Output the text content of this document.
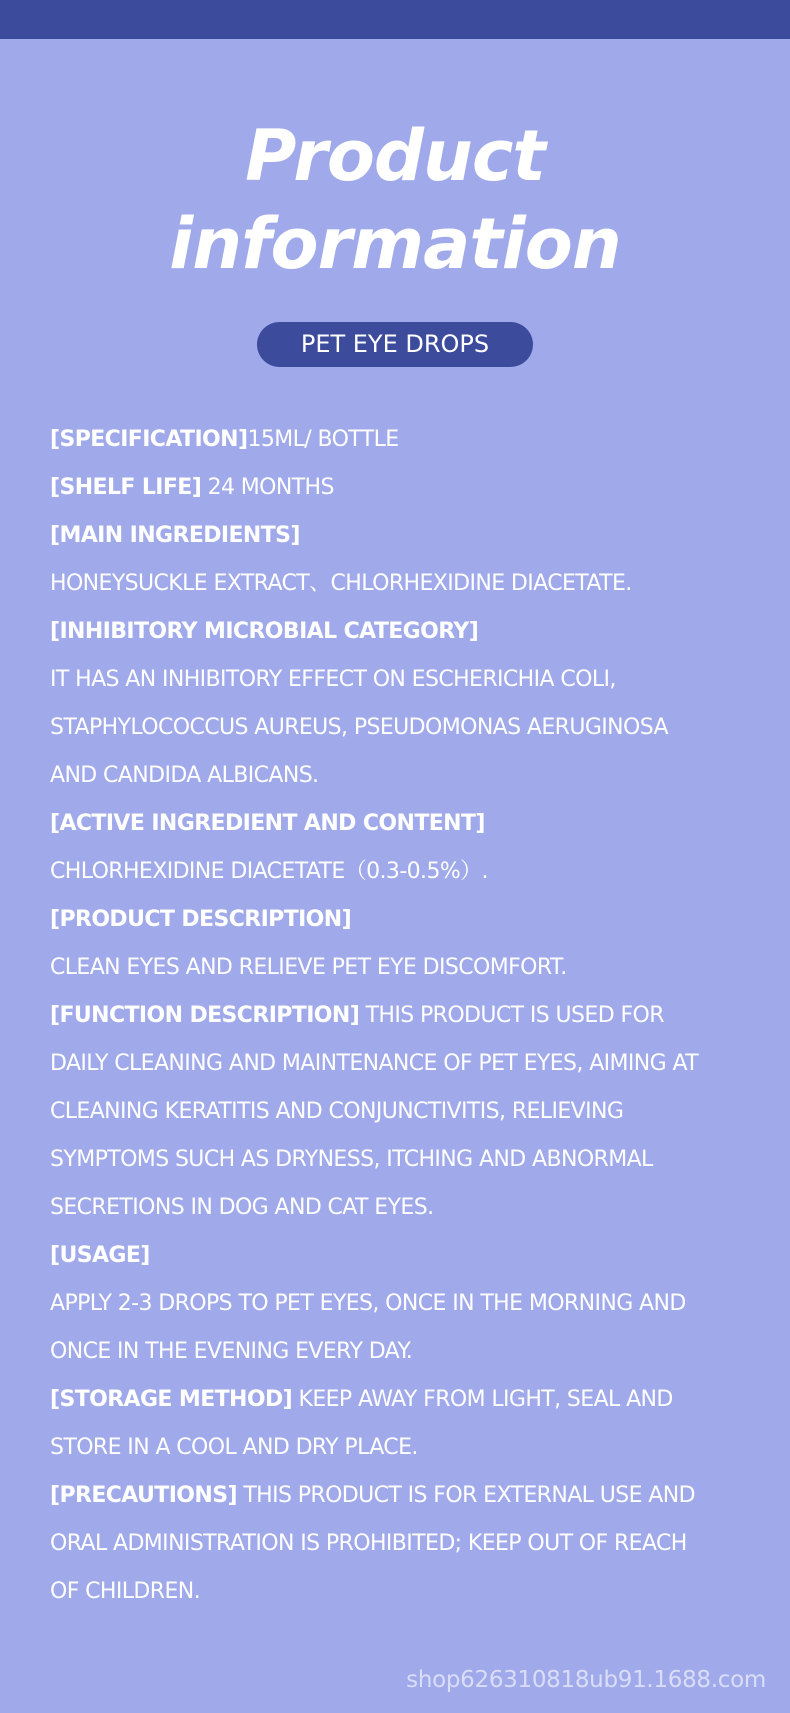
Product
information
PET EYE DROPS
[SPECIFICATION]15ML/ BOTTLE
[SHELF LIFE] 24 MONTHS
[MAIN INGREDIENTS]
HONEYSUCKLE EXTRACT、CHLORHEXIDINE DIACETATE.
[INHIBITORY MICROBIAL CATEGORY]
IT HAS AN INHIBITORY EFFECT ON ESCHERICHIA COLI,
STAPHYLOCOCCUS AUREUS, PSEUDOMONAS AERUGINOSA
AND CANDIDA ALBICANS.
[ACTIVE INGREDIENT AND CONTENT]
CHLORHEXIDINE DIACETATE（0.3-0.5%）.
[PRODUCT DESCRIPTION]
CLEAN EYES AND RELIEVE PET EYE DISCOMFORT.
[FUNCTION DESCRIPTION] THIS PRODUCT IS USED FOR
DAILY CLEANING AND MAINTENANCE OF PET EYES, AIMING AT
CLEANING KERATITIS AND CONJUNCTIVITIS, RELIEVING
SYMPTOMS SUCH AS DRYNESS, ITCHING AND ABNORMAL
SECRETIONS IN DOG AND CAT EYES.
[USAGE]
APPLY 2-3 DROPS TO PET EYES, ONCE IN THE MORNING AND
ONCE IN THE EVENING EVERY DAY.
[STORAGE METHOD] KEEP AWAY FROM LIGHT, SEAL AND
STORE IN A COOL AND DRY PLACE.
[PRECAUTIONS] THIS PRODUCT IS FOR EXTERNAL USE AND
ORAL ADMINISTRATION IS PROHIBITED; KEEP OUT OF REACH
OF CHILDREN.
shop626310818ub91.1688.com
